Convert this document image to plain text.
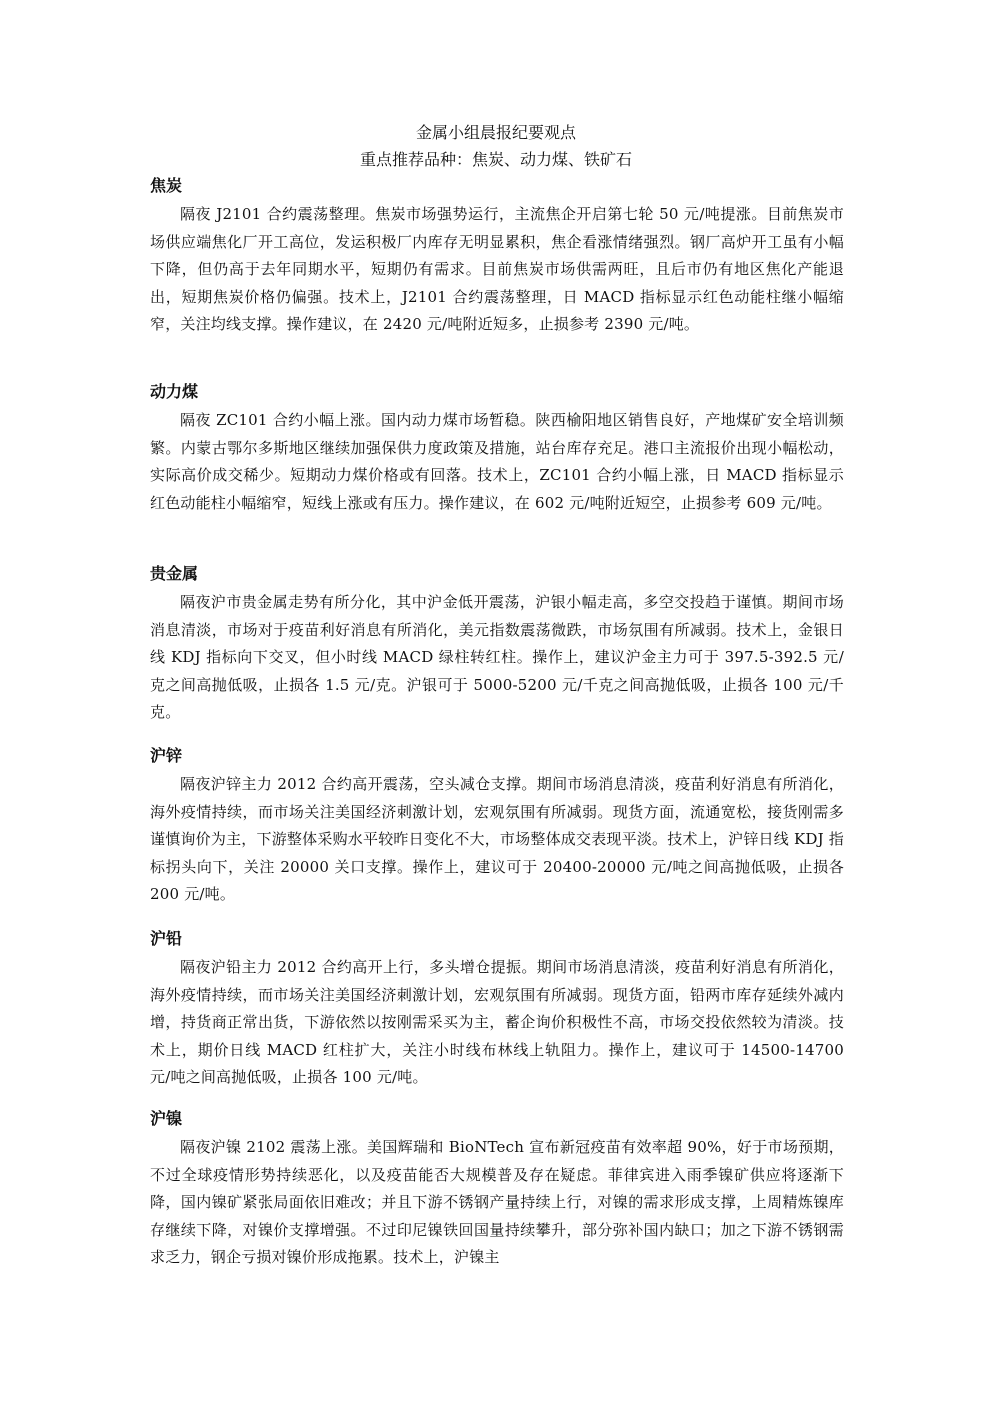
金属小组晨报纪要观点
重点推荐品种：焦炭、动力煤、铁矿石
焦炭

隔夜 J2101 合约震荡整理。焦炭市场强势运行，主流焦企开启第七轮 50 元/吨提涨。目前焦炭市场供应端焦化厂开工高位，发运积极厂内库存无明显累积，焦企看涨情绪强烈。钢厂高炉开工虽有小幅下降，但仍高于去年同期水平，短期仍有需求。目前焦炭市场供需两旺，且后市仍有地区焦化产能退出，短期焦炭价格仍偏强。技术上，J2101 合约震荡整理，日 MACD 指标显示红色动能柱继小幅缩窄，关注均线支撑。操作建议，在 2420 元/吨附近短多，止损参考 2390 元/吨。

动力煤

隔夜 ZC101 合约小幅上涨。国内动力煤市场暂稳。陕西榆阳地区销售良好，产地煤矿安全培训频繁。内蒙古鄂尔多斯地区继续加强保供力度政策及措施，站台库存充足。港口主流报价出现小幅松动，实际高价成交稀少。短期动力煤价格或有回落。技术上，ZC101 合约小幅上涨，日 MACD 指标显示红色动能柱小幅缩窄，短线上涨或有压力。操作建议，在 602 元/吨附近短空，止损参考 609 元/吨。

贵金属

隔夜沪市贵金属走势有所分化，其中沪金低开震荡，沪银小幅走高，多空交投趋于谨慎。期间市场消息清淡，市场对于疫苗利好消息有所消化，美元指数震荡微跌，市场氛围有所减弱。技术上，金银日线 KDJ 指标向下交叉，但小时线 MACD 绿柱转红柱。操作上，建议沪金主力可于 397.5-392.5 元/克之间高抛低吸，止损各 1.5 元/克。沪银可于 5000-5200 元/千克之间高抛低吸，止损各 100 元/千克。

沪锌

隔夜沪锌主力 2012 合约高开震荡，空头减仓支撑。期间市场消息清淡，疫苗利好消息有所消化，海外疫情持续，而市场关注美国经济刺激计划，宏观氛围有所减弱。现货方面，流通宽松，接货刚需多谨慎询价为主，下游整体采购水平较昨日变化不大，市场整体成交表现平淡。技术上，沪锌日线 KDJ 指标拐头向下，关注 20000 关口支撑。操作上，建议可于 20400-20000 元/吨之间高抛低吸，止损各 200 元/吨。

沪铅

隔夜沪铅主力 2012 合约高开上行，多头增仓提振。期间市场消息清淡，疫苗利好消息有所消化，海外疫情持续，而市场关注美国经济刺激计划，宏观氛围有所减弱。现货方面，铅两市库存延续外减内增，持货商正常出货，下游依然以按刚需采买为主，蓄企询价积极性不高，市场交投依然较为清淡。技术上，期价日线 MACD 红柱扩大，关注小时线布林线上轨阻力。操作上，建议可于 14500-14700 元/吨之间高抛低吸，止损各 100 元/吨。

沪镍

隔夜沪镍 2102 震荡上涨。美国辉瑞和 BioNTech 宣布新冠疫苗有效率超 90%，好于市场预期，不过全球疫情形势持续恶化，以及疫苗能否大规模普及存在疑虑。菲律宾进入雨季镍矿供应将逐渐下降，国内镍矿紧张局面依旧难改；并且下游不锈钢产量持续上行，对镍的需求形成支撑，上周精炼镍库存继续下降，对镍价支撑增强。不过印尼镍铁回国量持续攀升，部分弥补国内缺口；加之下游不锈钢需求乏力，钢企亏损对镍价形成拖累。技术上，沪镍主
